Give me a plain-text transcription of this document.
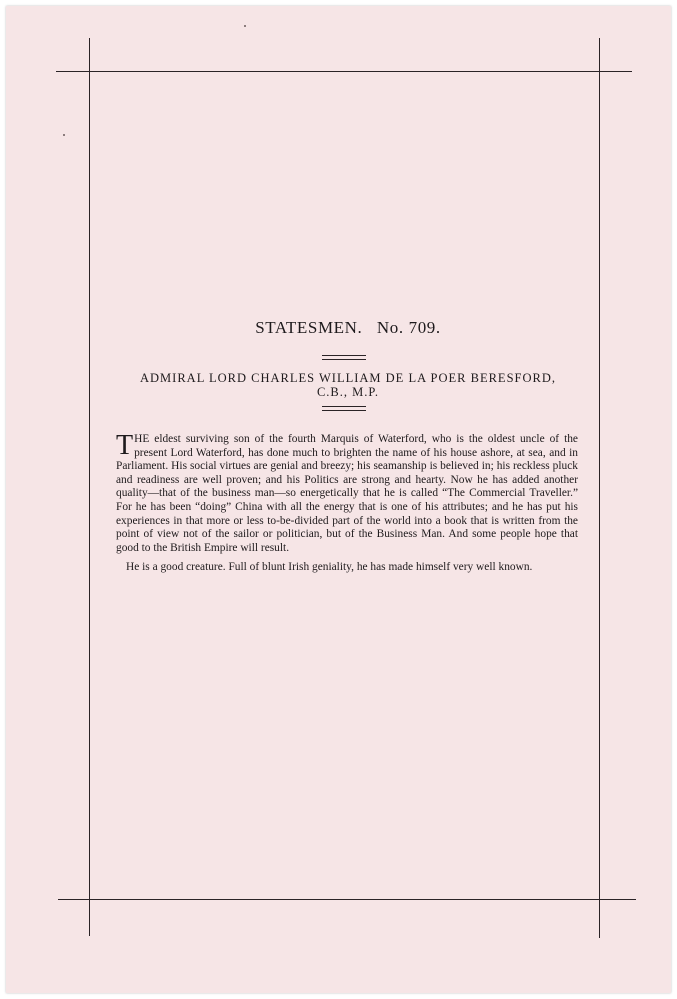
STATESMEN.   No. 709.
ADMIRAL LORD CHARLES WILLIAM DE LA POER BERESFORD,
C.B., M.P.

THE eldest surviving son of the fourth Marquis of Waterford, who is the oldest uncle of the present Lord Waterford, has done much to brighten the name of his house ashore, at sea, and in Parliament. His social virtues are genial and breezy; his seamanship is believed in; his reckless pluck and readiness are well proven; and his Politics are strong and hearty. Now he has added another quality—that of the business man—so energetically that he is called “The Commercial Traveller.” For he has been “doing” China with all the energy that is one of his attributes; and he has put his experiences in that more or less to-be-divided part of the world into a book that is written from the point of view not of the sailor or politician, but of the Business Man. And some people hope that good to the British Empire will result.

He is a good creature. Full of blunt Irish geniality, he has made himself very well known.
